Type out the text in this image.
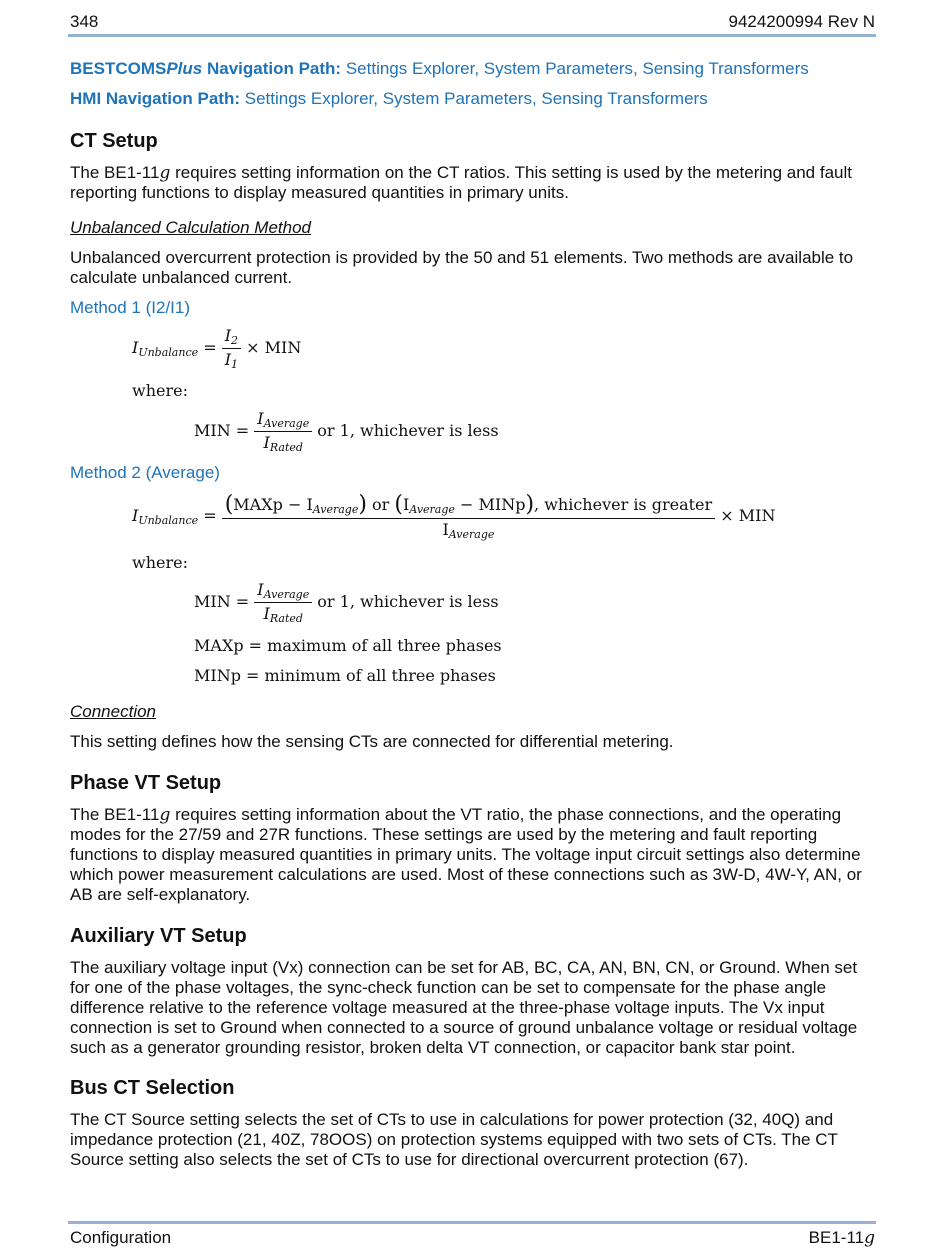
348	9424200994 Rev N
BESTCOMSPlus Navigation Path: Settings Explorer, System Parameters, Sensing Transformers
HMI Navigation Path: Settings Explorer, System Parameters, Sensing Transformers
CT Setup

The BE1-11g requires setting information on the CT ratios. This setting is used by the metering and fault reporting functions to display measured quantities in primary units.

Unbalanced Calculation Method

Unbalanced overcurrent protection is provided by the 50 and 51 elements. Two methods are available to calculate unbalanced current.

Method 1 (I2/I1)

IUnbalance = $\frac{I2}{I1}$ × MIN
where:
MIN = $\frac{\text{IAverage}}{\text{IRated}}$ or 1, whichever is less

Method 2 (Average)

IUnbalance = $\frac{\text{(MAXp − IAverage) or (IAverage − MINp), whichever is greater}}{\text{IAverage}}$ × MIN
where:
MIN = $\frac{\text{IAverage}}{\text{IRated}}$ or 1, whichever is less
MAXp = maximum of all three phases
MINp = minimum of all three phases

Connection

This setting defines how the sensing CTs are connected for differential metering.

Phase VT Setup

The BE1-11g requires setting information about the VT ratio, the phase connections, and the operating modes for the 27/59 and 27R functions. These settings are used by the metering and fault reporting functions to display measured quantities in primary units. The voltage input circuit settings also determine which power measurement calculations are used. Most of these connections such as 3W-D, 4W-Y, AN, or AB are self-explanatory.

Auxiliary VT Setup

The auxiliary voltage input (Vx) connection can be set for AB, BC, CA, AN, BN, CN, or Ground. When set for one of the phase voltages, the sync-check function can be set to compensate for the phase angle difference relative to the reference voltage measured at the three-phase voltage inputs. The Vx input connection is set to Ground when connected to a source of ground unbalance voltage or residual voltage such as a generator grounding resistor, broken delta VT connection, or capacitor bank star point.

Bus CT Selection

The CT Source setting selects the set of CTs to use in calculations for power protection (32, 40Q) and impedance protection (21, 40Z, 78OOS) on protection systems equipped with two sets of CTs. The CT Source setting also selects the set of CTs to use for directional overcurrent protection (67).

Configuration	BE1-11g
